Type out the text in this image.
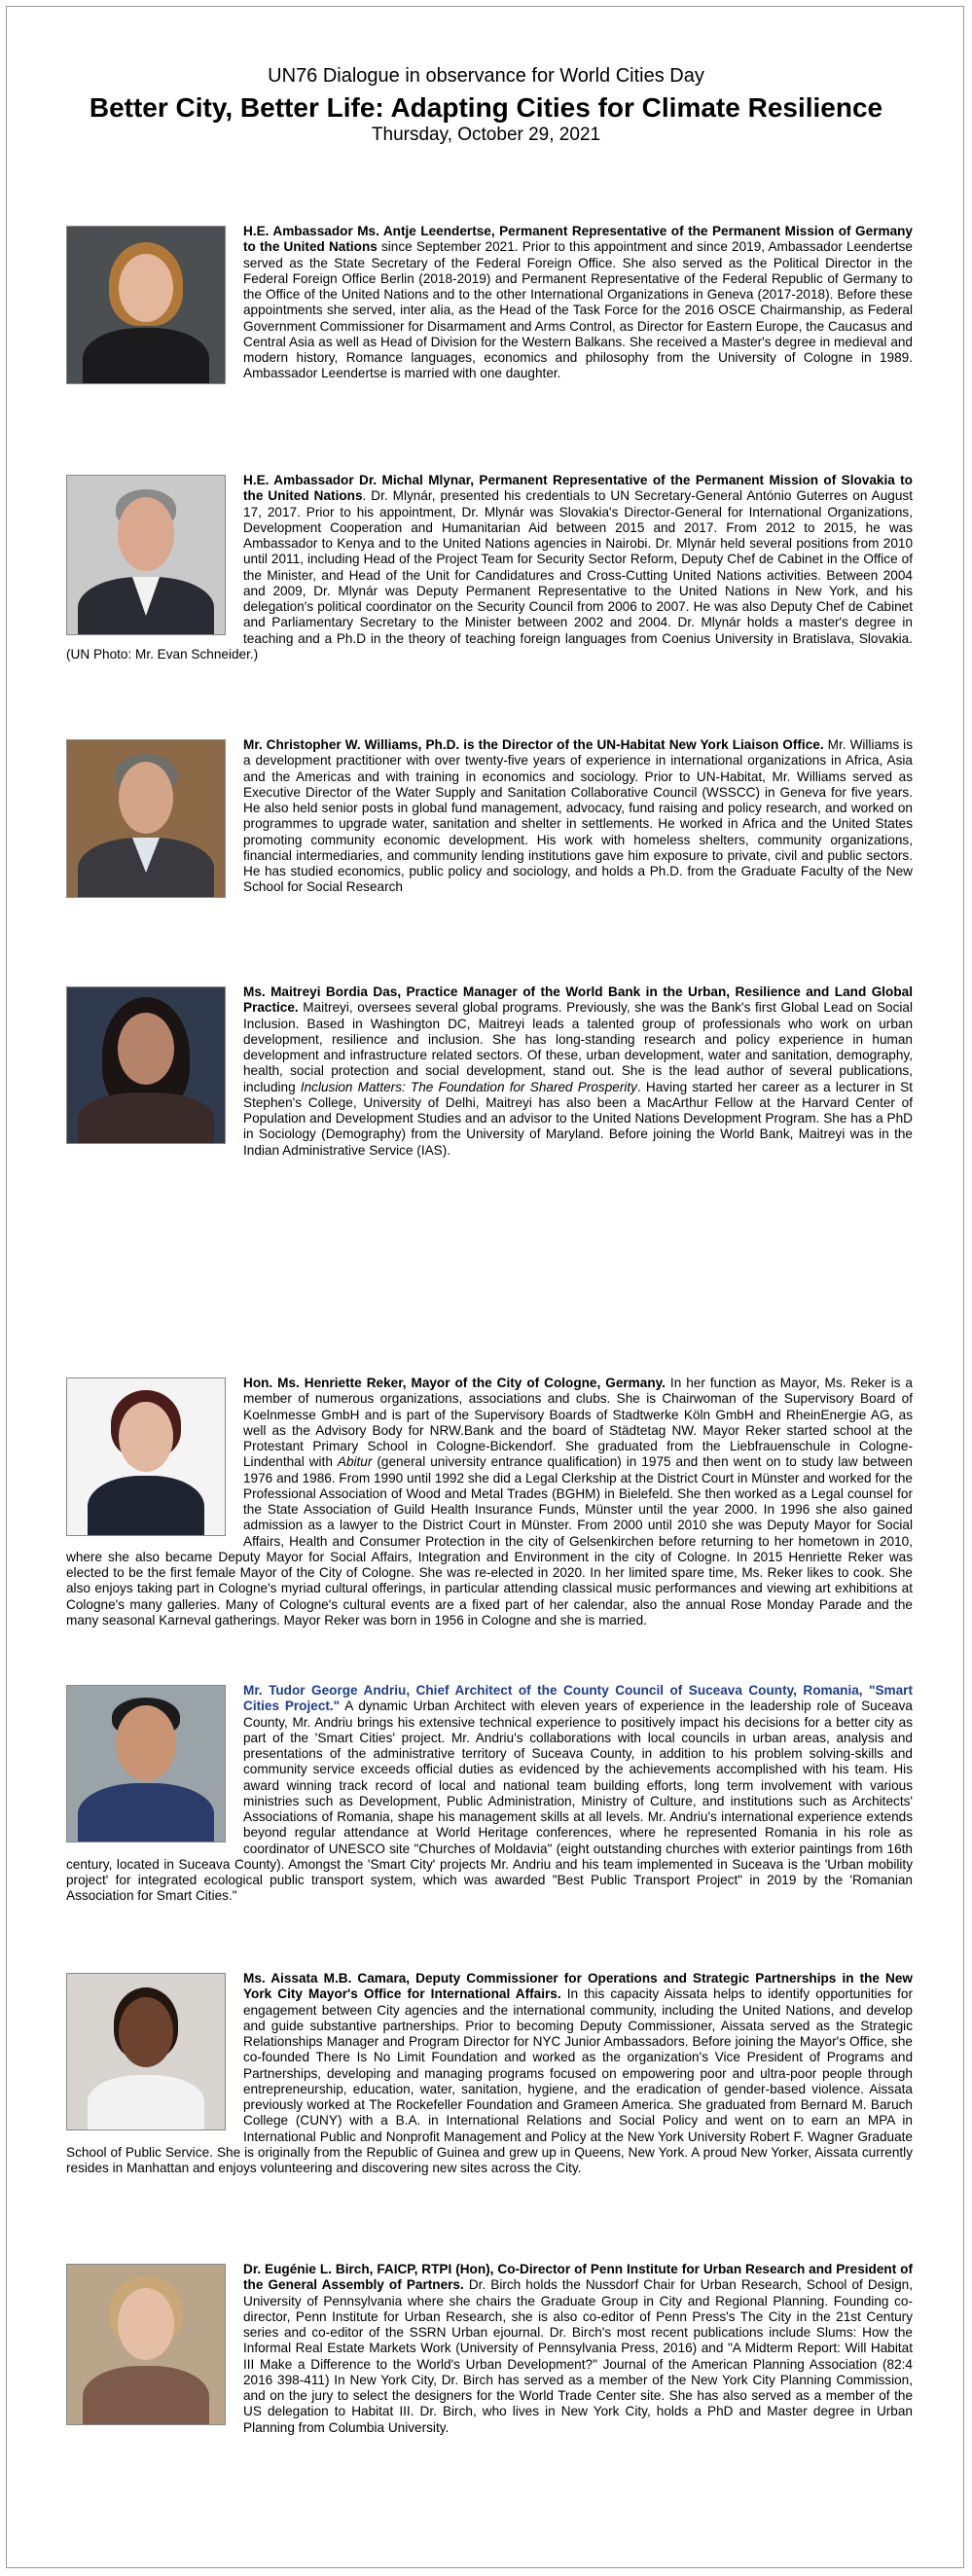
UN76 Dialogue in observance for World Cities Day
Better City, Better Life: Adapting Cities for Climate Resilience
Thursday, October 29, 2021
H.E. Ambassador Ms. Antje Leendertse, Permanent Representative of the Permanent Mission of Germany to the United Nations since September 2021. Prior to this appointment and since 2019, Ambassador Leendertse served as the State Secretary of the Federal Foreign Office. She also served as the Political Director in the Federal Foreign Office Berlin (2018-2019) and Permanent Representative of the Federal Republic of Germany to the Office of the United Nations and to the other International Organizations in Geneva (2017-2018). Before these appointments she served, inter alia, as the Head of the Task Force for the 2016 OSCE Chairmanship, as Federal Government Commissioner for Disarmament and Arms Control, as Director for Eastern Europe, the Caucasus and Central Asia as well as Head of Division for the Western Balkans. She received a Master's degree in medieval and modern history, Romance languages, economics and philosophy from the University of Cologne in 1989. Ambassador Leendertse is married with one daughter.
H.E. Ambassador Dr. Michal Mlynar, Permanent Representative of the Permanent Mission of Slovakia to the United Nations. Dr. Mlynár, presented his credentials to UN Secretary-General António Guterres on August 17, 2017. Prior to his appointment, Dr. Mlynár was Slovakia's Director-General for International Organizations, Development Cooperation and Humanitarian Aid between 2015 and 2017. From 2012 to 2015, he was Ambassador to Kenya and to the United Nations agencies in Nairobi. Dr. Mlynár held several positions from 2010 until 2011, including Head of the Project Team for Security Sector Reform, Deputy Chef de Cabinet in the Office of the Minister, and Head of the Unit for Candidatures and Cross-Cutting United Nations activities. Between 2004 and 2009, Dr. Mlynár was Deputy Permanent Representative to the United Nations in New York, and his delegation's political coordinator on the Security Council from 2006 to 2007. He was also Deputy Chef de Cabinet and Parliamentary Secretary to the Minister between 2002 and 2004. Dr. Mlynár holds a master's degree in teaching and a Ph.D in the theory of teaching foreign languages from Coenius University in Bratislava, Slovakia. (UN Photo: Mr. Evan Schneider.)
Mr. Christopher W. Williams, Ph.D. is the Director of the UN-Habitat New York Liaison Office. Mr. Williams is a development practitioner with over twenty-five years of experience in international organizations in Africa, Asia and the Americas and with training in economics and sociology. Prior to UN-Habitat, Mr. Williams served as Executive Director of the Water Supply and Sanitation Collaborative Council (WSSCC) in Geneva for five years. He also held senior posts in global fund management, advocacy, fund raising and policy research, and worked on programmes to upgrade water, sanitation and shelter in settlements. He worked in Africa and the United States promoting community economic development. His work with homeless shelters, community organizations, financial intermediaries, and community lending institutions gave him exposure to private, civil and public sectors. He has studied economics, public policy and sociology, and holds a Ph.D. from the Graduate Faculty of the New School for Social Research
Ms. Maitreyi Bordia Das, Practice Manager of the World Bank in the Urban, Resilience and Land Global Practice. Maitreyi, oversees several global programs. Previously, she was the Bank's first Global Lead on Social Inclusion. Based in Washington DC, Maitreyi leads a talented group of professionals who work on urban development, resilience and inclusion. She has long-standing research and policy experience in human development and infrastructure related sectors. Of these, urban development, water and sanitation, demography, health, social protection and social development, stand out. She is the lead author of several publications, including Inclusion Matters: The Foundation for Shared Prosperity. Having started her career as a lecturer in St Stephen's College, University of Delhi, Maitreyi has also been a MacArthur Fellow at the Harvard Center of Population and Development Studies and an advisor to the United Nations Development Program. She has a PhD in Sociology (Demography) from the University of Maryland. Before joining the World Bank, Maitreyi was in the Indian Administrative Service (IAS).
Hon. Ms. Henriette Reker, Mayor of the City of Cologne, Germany. In her function as Mayor, Ms. Reker is a member of numerous organizations, associations and clubs. She is Chairwoman of the Supervisory Board of Koelnmesse GmbH and is part of the Supervisory Boards of Stadtwerke Köln GmbH and RheinEnergie AG, as well as the Advisory Body for NRW.Bank and the board of Städtetag NW. Mayor Reker started school at the Protestant Primary School in Cologne-Bickendorf. She graduated from the Liebfrauenschule in Cologne-Lindenthal with Abitur (general university entrance qualification) in 1975 and then went on to study law between 1976 and 1986. From 1990 until 1992 she did a Legal Clerkship at the District Court in Münster and worked for the Professional Association of Wood and Metal Trades (BGHM) in Bielefeld. She then worked as a Legal counsel for the State Association of Guild Health Insurance Funds, Münster until the year 2000. In 1996 she also gained admission as a lawyer to the District Court in Münster. From 2000 until 2010 she was Deputy Mayor for Social Affairs, Health and Consumer Protection in the city of Gelsenkirchen before returning to her hometown in 2010, where she also became Deputy Mayor for Social Affairs, Integration and Environment in the city of Cologne. In 2015 Henriette Reker was elected to be the first female Mayor of the City of Cologne. She was re-elected in 2020. In her limited spare time, Ms. Reker likes to cook. She also enjoys taking part in Cologne's myriad cultural offerings, in particular attending classical music performances and viewing art exhibitions at Cologne's many galleries. Many of Cologne's cultural events are a fixed part of her calendar, also the annual Rose Monday Parade and the many seasonal Karneval gatherings. Mayor Reker was born in 1956 in Cologne and she is married.
Mr. Tudor George Andriu, Chief Architect of the County Council of Suceava County, Romania, "Smart Cities Project." A dynamic Urban Architect with eleven years of experience in the leadership role of Suceava County, Mr. Andriu brings his extensive technical experience to positively impact his decisions for a better city as part of the 'Smart Cities' project. Mr. Andriu's collaborations with local councils in urban areas, analysis and presentations of the administrative territory of Suceava County, in addition to his problem solving-skills and community service exceeds official duties as evidenced by the achievements accomplished with his team. His award winning track record of local and national team building efforts, long term involvement with various ministries such as Development, Public Administration, Ministry of Culture, and institutions such as Architects' Associations of Romania, shape his management skills at all levels. Mr. Andriu's international experience extends beyond regular attendance at World Heritage conferences, where he represented Romania in his role as coordinator of UNESCO site "Churches of Moldavia" (eight outstanding churches with exterior paintings from 16th century, located in Suceava County). Amongst the 'Smart City' projects Mr. Andriu and his team implemented in Suceava is the 'Urban mobility project' for integrated ecological public transport system, which was awarded "Best Public Transport Project" in 2019 by the 'Romanian Association for Smart Cities."
Ms. Aissata M.B. Camara, Deputy Commissioner for Operations and Strategic Partnerships in the New York City Mayor's Office for International Affairs. In this capacity Aissata helps to identify opportunities for engagement between City agencies and the international community, including the United Nations, and develop and guide substantive partnerships. Prior to becoming Deputy Commissioner, Aissata served as the Strategic Relationships Manager and Program Director for NYC Junior Ambassadors. Before joining the Mayor's Office, she co-founded There Is No Limit Foundation and worked as the organization's Vice President of Programs and Partnerships, developing and managing programs focused on empowering poor and ultra-poor people through entrepreneurship, education, water, sanitation, hygiene, and the eradication of gender-based violence. Aissata previously worked at The Rockefeller Foundation and Grameen America. She graduated from Bernard M. Baruch College (CUNY) with a B.A. in International Relations and Social Policy and went on to earn an MPA in International Public and Nonprofit Management and Policy at the New York University Robert F. Wagner Graduate School of Public Service. She is originally from the Republic of Guinea and grew up in Queens, New York. A proud New Yorker, Aissata currently resides in Manhattan and enjoys volunteering and discovering new sites across the City.
Dr. Eugénie L. Birch, FAICP, RTPI (Hon), Co-Director of Penn Institute for Urban Research and President of the General Assembly of Partners. Dr. Birch holds the Nussdorf Chair for Urban Research, School of Design, University of Pennsylvania where she chairs the Graduate Group in City and Regional Planning. Founding co-director, Penn Institute for Urban Research, she is also co-editor of Penn Press's The City in the 21st Century series and co-editor of the SSRN Urban ejournal. Dr. Birch's most recent publications include Slums: How the Informal Real Estate Markets Work (University of Pennsylvania Press, 2016) and "A Midterm Report: Will Habitat III Make a Difference to the World's Urban Development?" Journal of the American Planning Association (82:4 2016 398-411) In New York City, Dr. Birch has served as a member of the New York City Planning Commission, and on the jury to select the designers for the World Trade Center site. She has also served as a member of the US delegation to Habitat III. Dr. Birch, who lives in New York City, holds a PhD and Master degree in Urban Planning from Columbia University.
